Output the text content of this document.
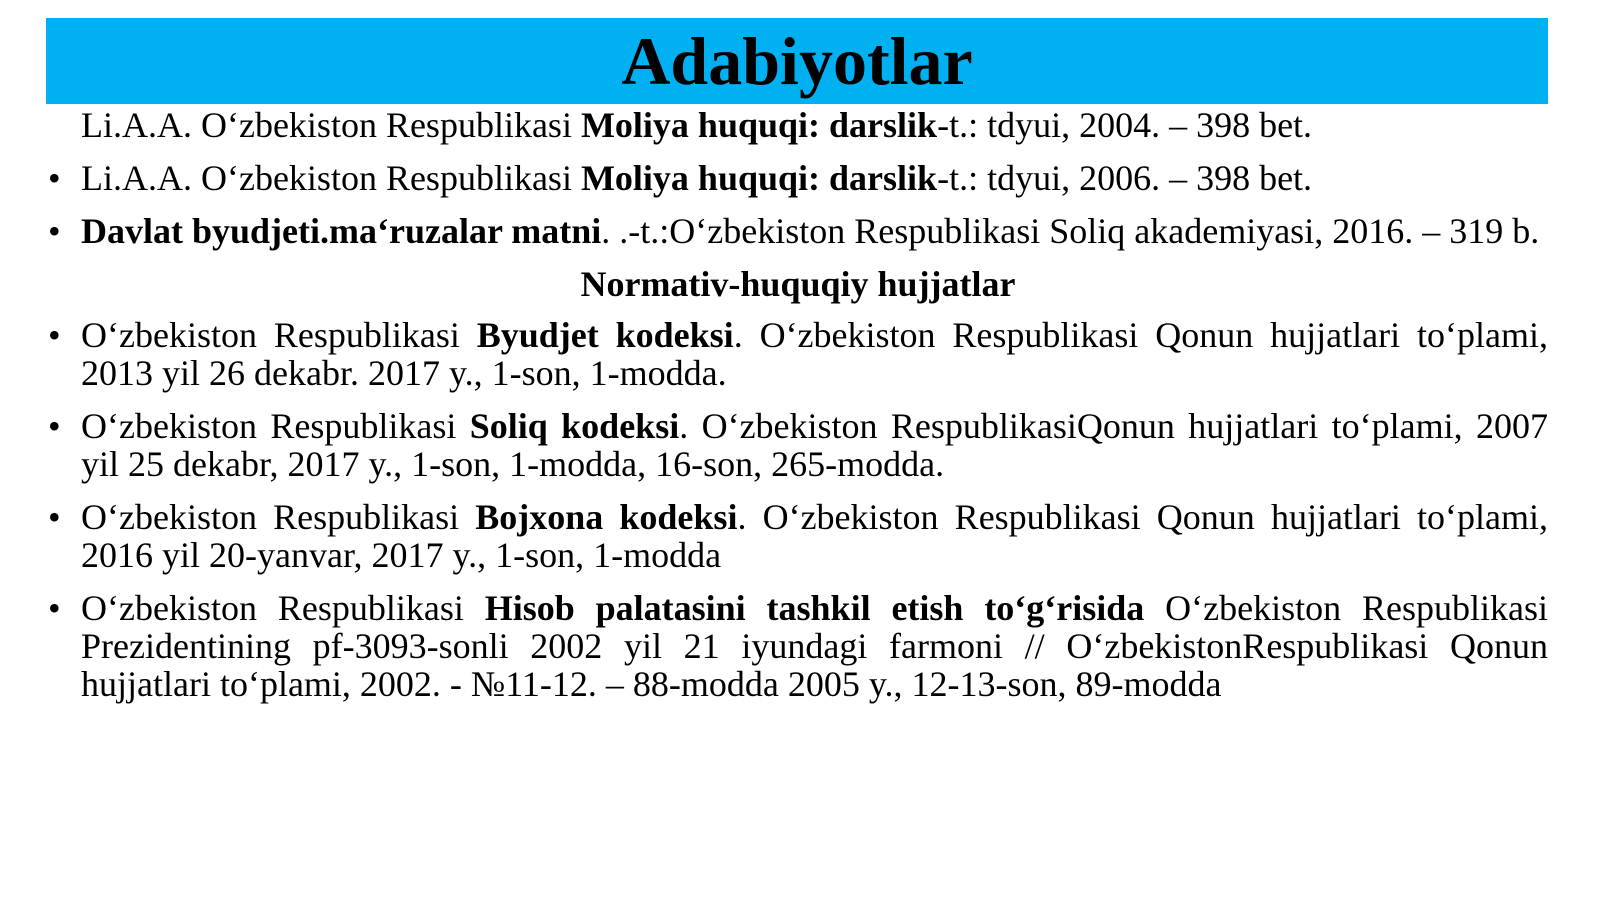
Adabiyotlar
Li.A.A. O‘zbekiston Respublikasi Moliya huquqi: darslik-t.: tdyui, 2004. – 398 bet.
• Li.A.A. O‘zbekiston Respublikasi Moliya huquqi: darslik-t.: tdyui, 2006. – 398 bet.
• Davlat byudjeti.ma‘ruzalar matni. .-t.:O‘zbekiston Respublikasi Soliq akademiyasi, 2016. – 319 b.
Normativ-huquqiy hujjatlar
• O‘zbekiston Respublikasi Byudjet kodeksi. O‘zbekiston Respublikasi Qonun hujjatlari to‘plami, 2013 yil 26 dekabr. 2017 y., 1-son, 1-modda.
• O‘zbekiston Respublikasi Soliq kodeksi. O‘zbekiston RespublikasiQonun hujjatlari to‘plami, 2007 yil 25 dekabr, 2017 y., 1-son, 1-modda, 16-son, 265-modda.
• O‘zbekiston Respublikasi Bojxona kodeksi. O‘zbekiston Respublikasi Qonun hujjatlari to‘plami, 2016 yil 20-yanvar, 2017 y., 1-son, 1-modda
• O‘zbekiston Respublikasi Hisob palatasini tashkil etish to‘g‘risida O‘zbekiston Respublikasi Prezidentining pf-3093-sonli 2002 yil 21 iyundagi farmoni // O‘zbekistonRespublikasi Qonun hujjatlari to‘plami, 2002. - №11-12. – 88-modda 2005 y., 12-13-son, 89-modda
